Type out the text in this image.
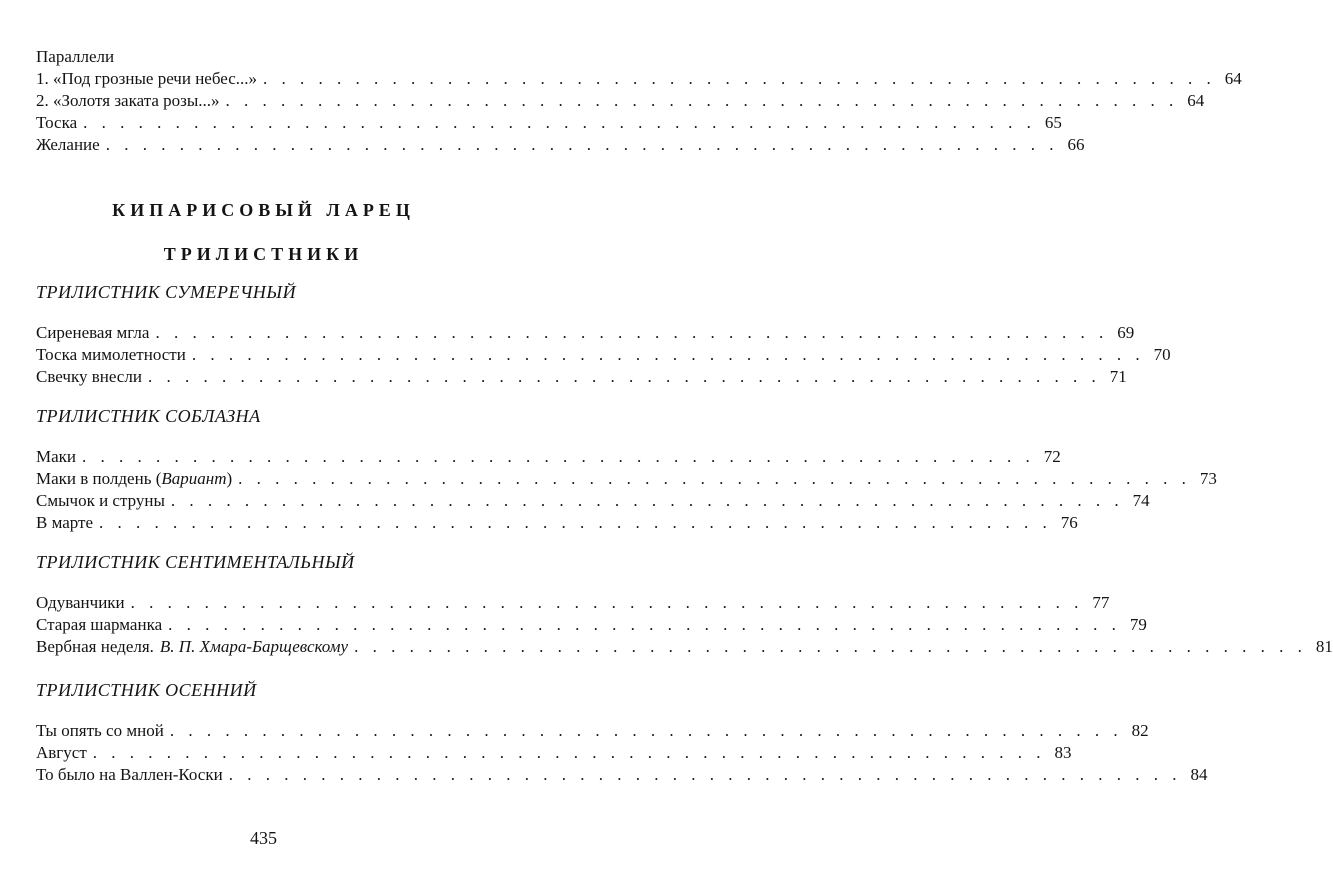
Параллели
1. «Под грозные речи небес...» . . . . . . . . . . . . . . . . . . . . . . . . . . . . . . . . . . . . . . . . . . . . . . . . . . . . 64
2. «Золотя заката розы...» . . . . . . . . . . . . . . . . . . . . . . . . . . . . . . . . . . . . . . . . . . . . . . . . . . . . 64
Тоска . . . . . . . . . . . . . . . . . . . . . . . . . . . . . . . . . . . . . . . . . . . . . . . . . . . . 65
Желание . . . . . . . . . . . . . . . . . . . . . . . . . . . . . . . . . . . . . . . . . . . . . . . . . . . . 66
КИПАРИСОВЫЙ ЛАРЕЦ
ТРИЛИСТНИКИ
ТРИЛИСТНИК СУМЕРЕЧНЫЙ
Сиреневая мгла . . . . . . . . . . . . . . . . . . . . . . . . . . . . . . . . . . . . . . . . . . . . . . . . . . . . 69
Тоска мимолетности . . . . . . . . . . . . . . . . . . . . . . . . . . . . . . . . . . . . . . . . . . . . . . . . . . . . 70
Свечку внесли . . . . . . . . . . . . . . . . . . . . . . . . . . . . . . . . . . . . . . . . . . . . . . . . . . . . 71
ТРИЛИСТНИК СОБЛАЗНА
Маки . . . . . . . . . . . . . . . . . . . . . . . . . . . . . . . . . . . . . . . . . . . . . . . . . . . . 72
Маки в полдень ( Вариант ) . . . . . . . . . . . . . . . . . . . . . . . . . . . . . . . . . . . . . . . . . . . . . . . . . . . . 73
Смычок и струны . . . . . . . . . . . . . . . . . . . . . . . . . . . . . . . . . . . . . . . . . . . . . . . . . . . . 74
В марте . . . . . . . . . . . . . . . . . . . . . . . . . . . . . . . . . . . . . . . . . . . . . . . . . . . . 76
ТРИЛИСТНИК СЕНТИМЕНТАЛЬНЫЙ
Одуванчики . . . . . . . . . . . . . . . . . . . . . . . . . . . . . . . . . . . . . . . . . . . . . . . . . . . . 77
Старая шарманка . . . . . . . . . . . . . . . . . . . . . . . . . . . . . . . . . . . . . . . . . . . . . . . . . . . . 79
Вербная неделя. В. П. Хмара-Барщевскому . . . . . . . . . . . . . . . . . . . . . . . . . . . . . . . . . . . . . . . . . . . . . . . . . . . . 81
ТРИЛИСТНИК ОСЕННИЙ
Ты опять со мной . . . . . . . . . . . . . . . . . . . . . . . . . . . . . . . . . . . . . . . . . . . . . . . . . . . . 82
Август . . . . . . . . . . . . . . . . . . . . . . . . . . . . . . . . . . . . . . . . . . . . . . . . . . . . 83
То было на Валлен-Коски . . . . . . . . . . . . . . . . . . . . . . . . . . . . . . . . . . . . . . . . . . . . . . . . . . . . 84
435
